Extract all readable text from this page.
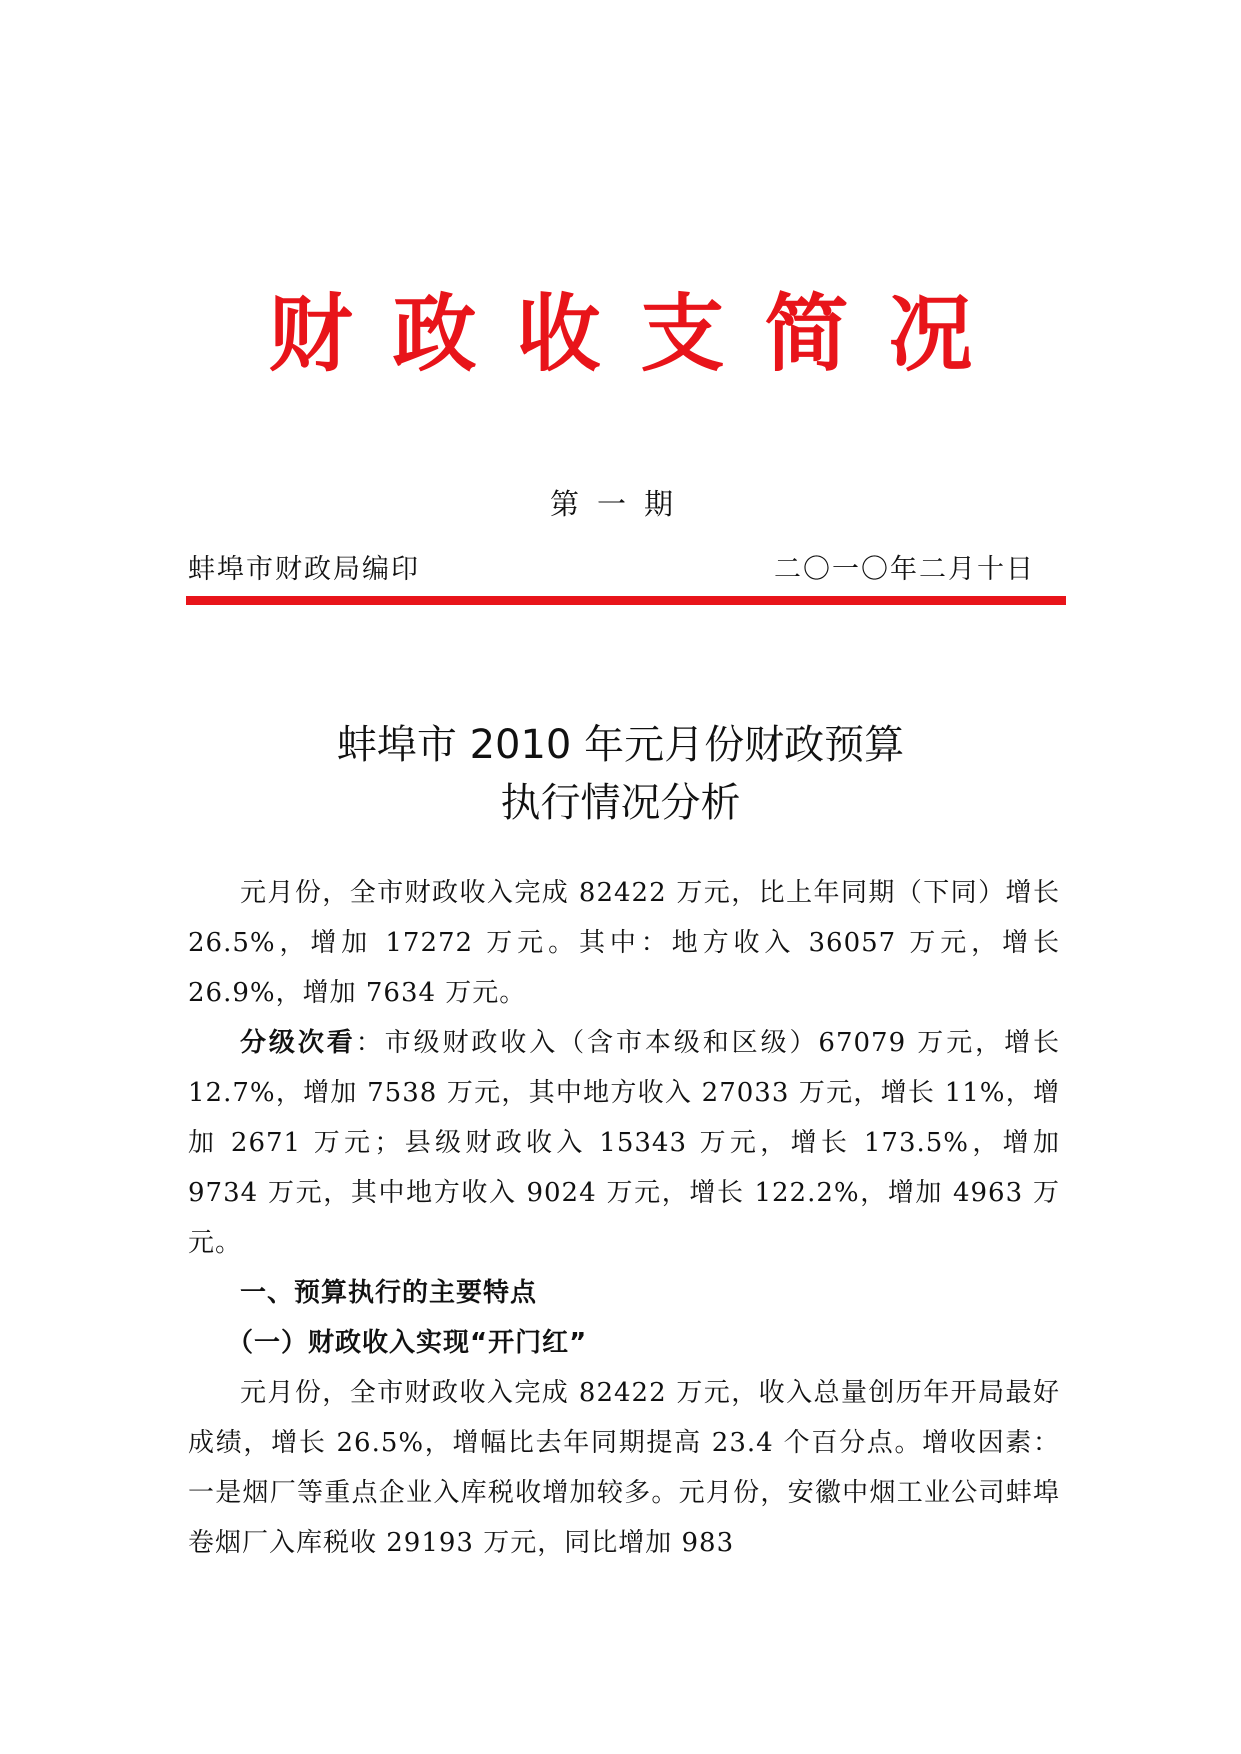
财政收支简况
第一期
蚌埠市财政局编印	二〇一〇年二月十日
蚌埠市 2010 年元月份财政预算
执行情况分析

元月份，全市财政收入完成 82422 万元，比上年同期（下同）增长 26.5%，增加 17272 万元。其中：地方收入 36057 万元，增长 26.9%，增加 7634 万元。

分级次看：市级财政收入（含市本级和区级）67079 万元，增长 12.7%，增加 7538 万元，其中地方收入 27033 万元，增长 11%，增加 2671 万元；县级财政收入 15343 万元，增长 173.5%，增加 9734 万元，其中地方收入 9024 万元，增长 122.2%，增加 4963 万元。

一、预算执行的主要特点

（一）财政收入实现“开门红”

元月份，全市财政收入完成 82422 万元，收入总量创历年开局最好成绩，增长 26.5%，增幅比去年同期提高 23.4 个百分点。增收因素：一是烟厂等重点企业入库税收增加较多。元月份，安徽中烟工业公司蚌埠卷烟厂入库税收 29193 万元，同比增加 983
